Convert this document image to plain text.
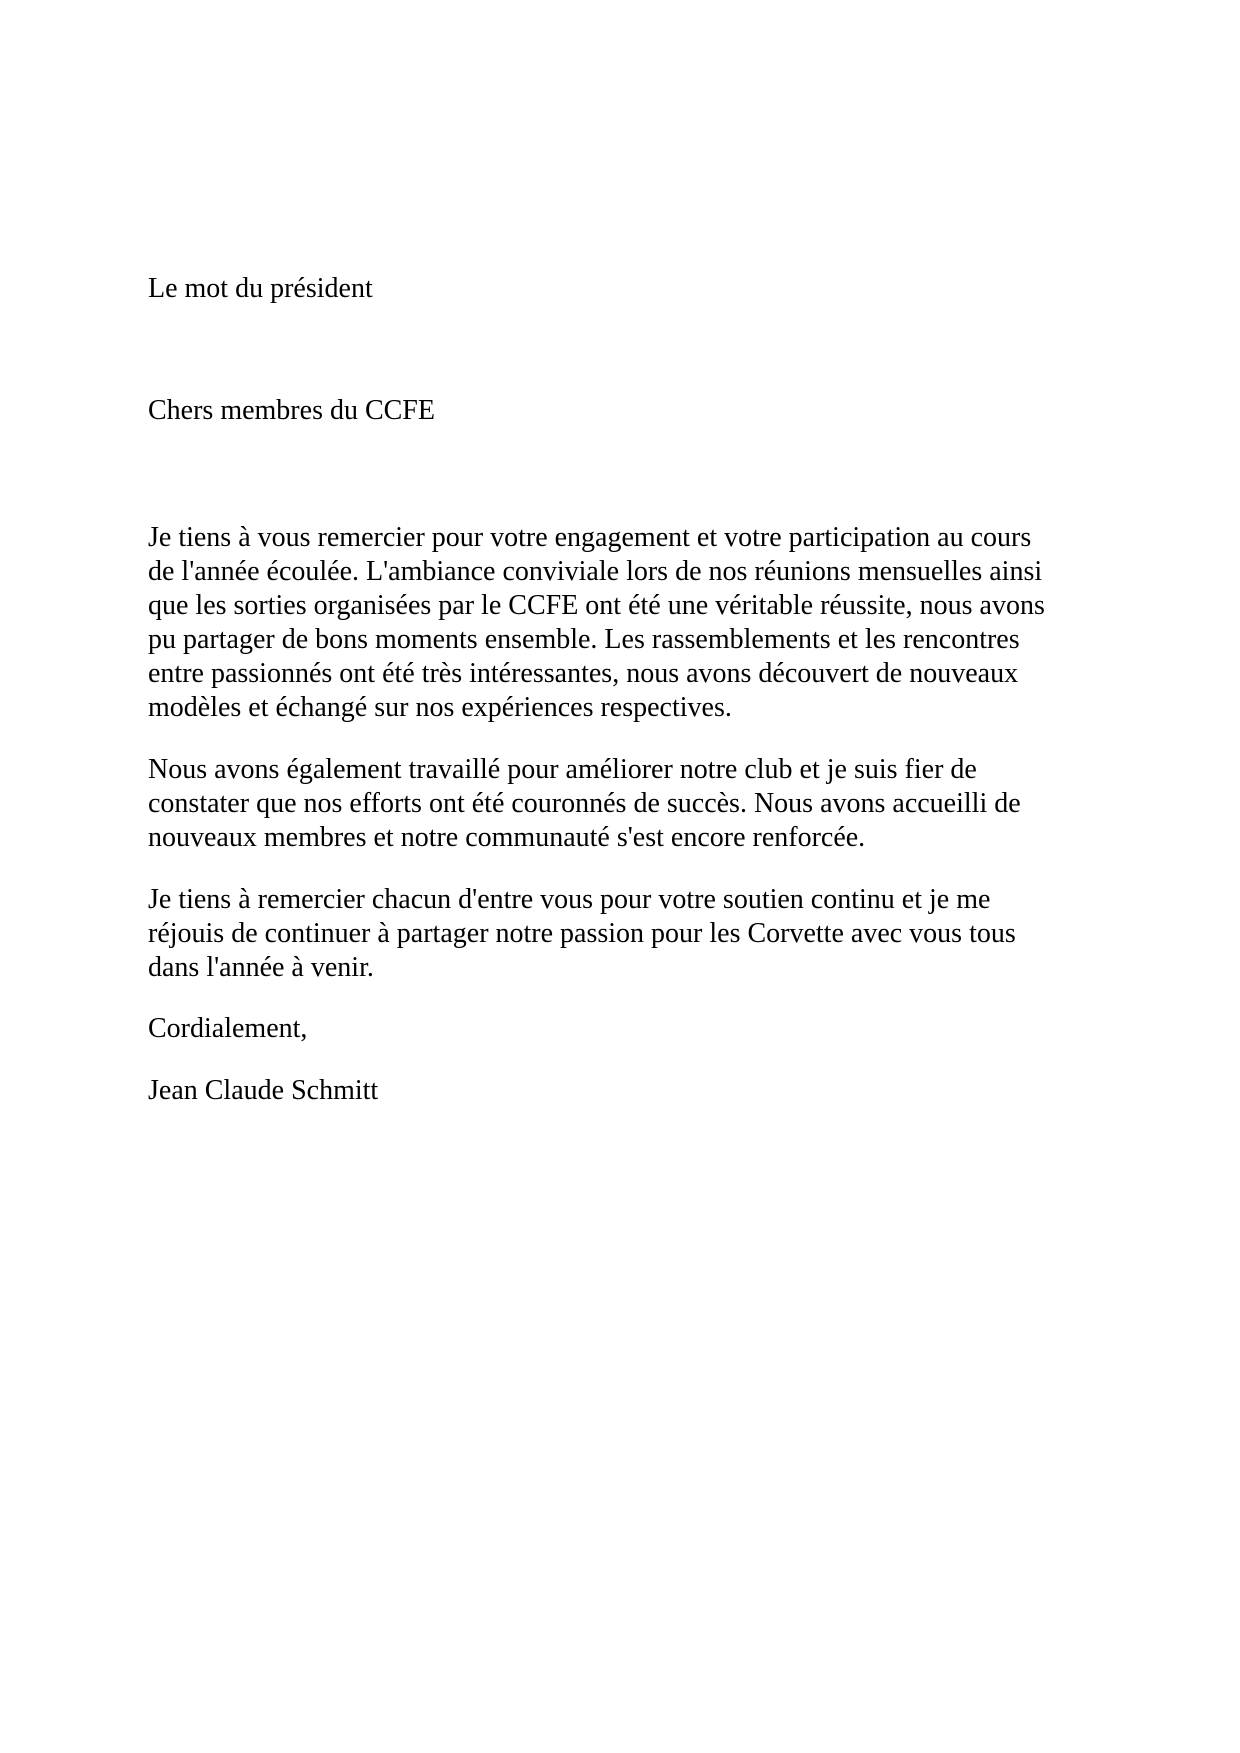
Le mot du président
Chers membres du CCFE

Je tiens à vous remercier pour votre engagement et votre participation au cours
de l'année écoulée. L'ambiance conviviale lors de nos réunions mensuelles ainsi
que les sorties organisées par le CCFE ont été une véritable réussite, nous avons
pu partager de bons moments ensemble. Les rassemblements et les rencontres
entre passionnés ont été très intéressantes, nous avons découvert de nouveaux
modèles et échangé sur nos expériences respectives.

Nous avons également travaillé pour améliorer notre club et je suis fier de
constater que nos efforts ont été couronnés de succès. Nous avons accueilli de
nouveaux membres et notre communauté s'est encore renforcée.

Je tiens à remercier chacun d'entre vous pour votre soutien continu et je me
réjouis de continuer à partager notre passion pour les Corvette avec vous tous
dans l'année à venir.

Cordialement,
Jean Claude Schmitt
